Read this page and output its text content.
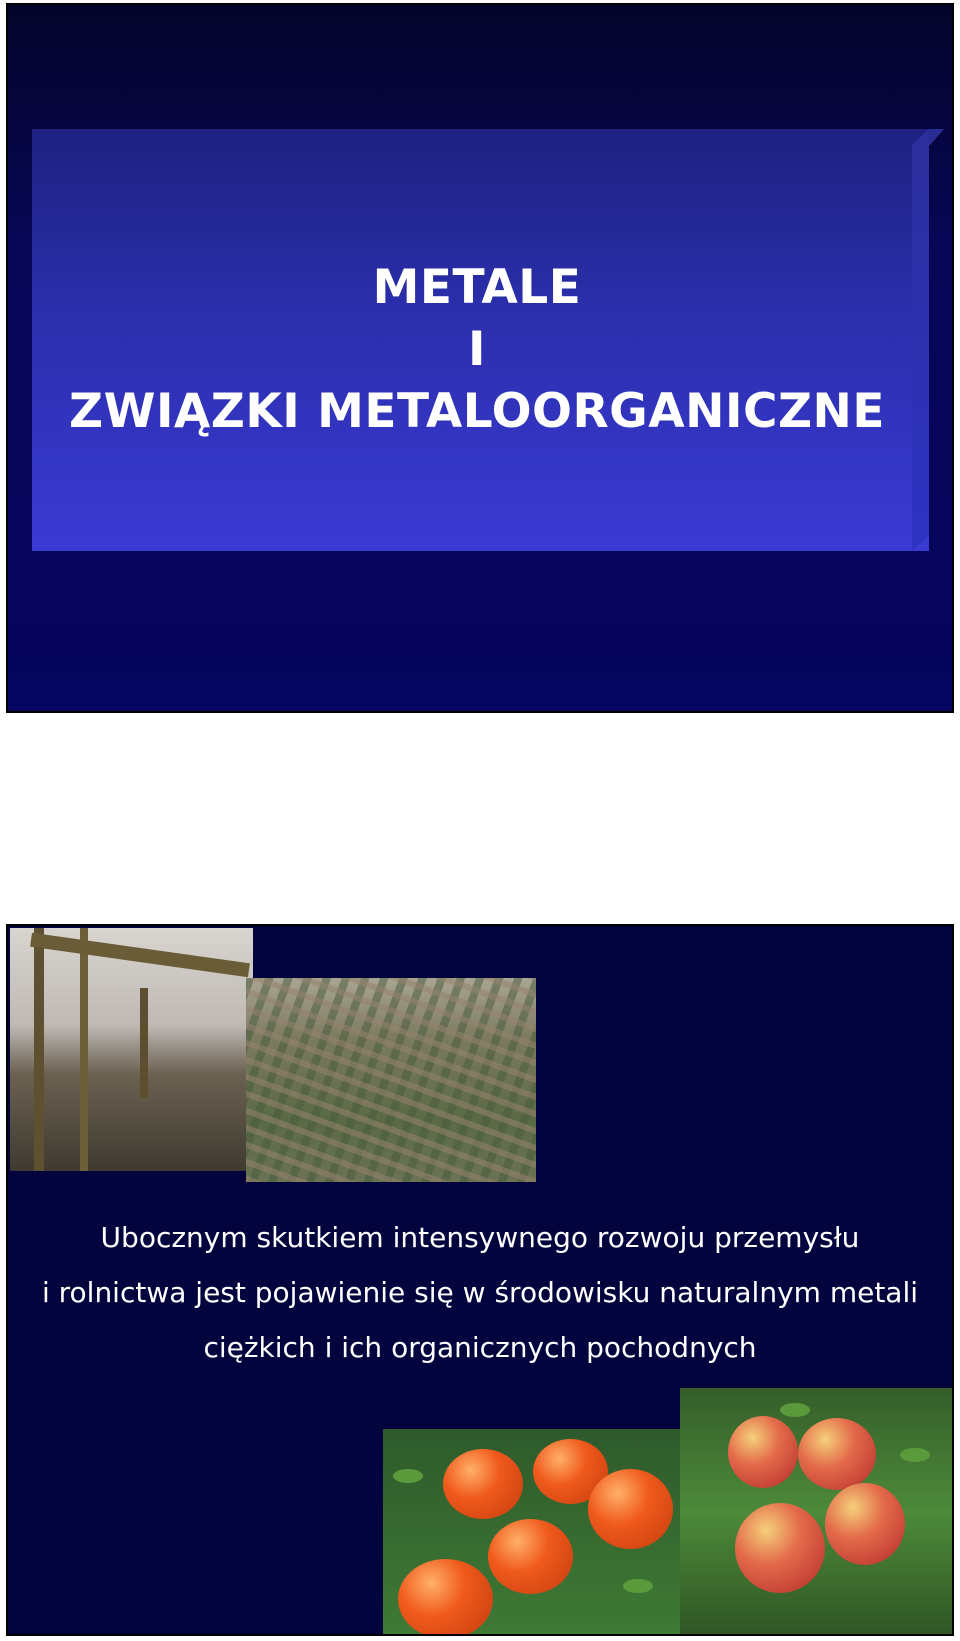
METALE
I
ZWIĄZKI METALOORGANICZNE
Ubocznym skutkiem intensywnego rozwoju przemysłu
i rolnictwa jest pojawienie się w środowisku naturalnym metali
ciężkich i ich organicznych pochodnych
